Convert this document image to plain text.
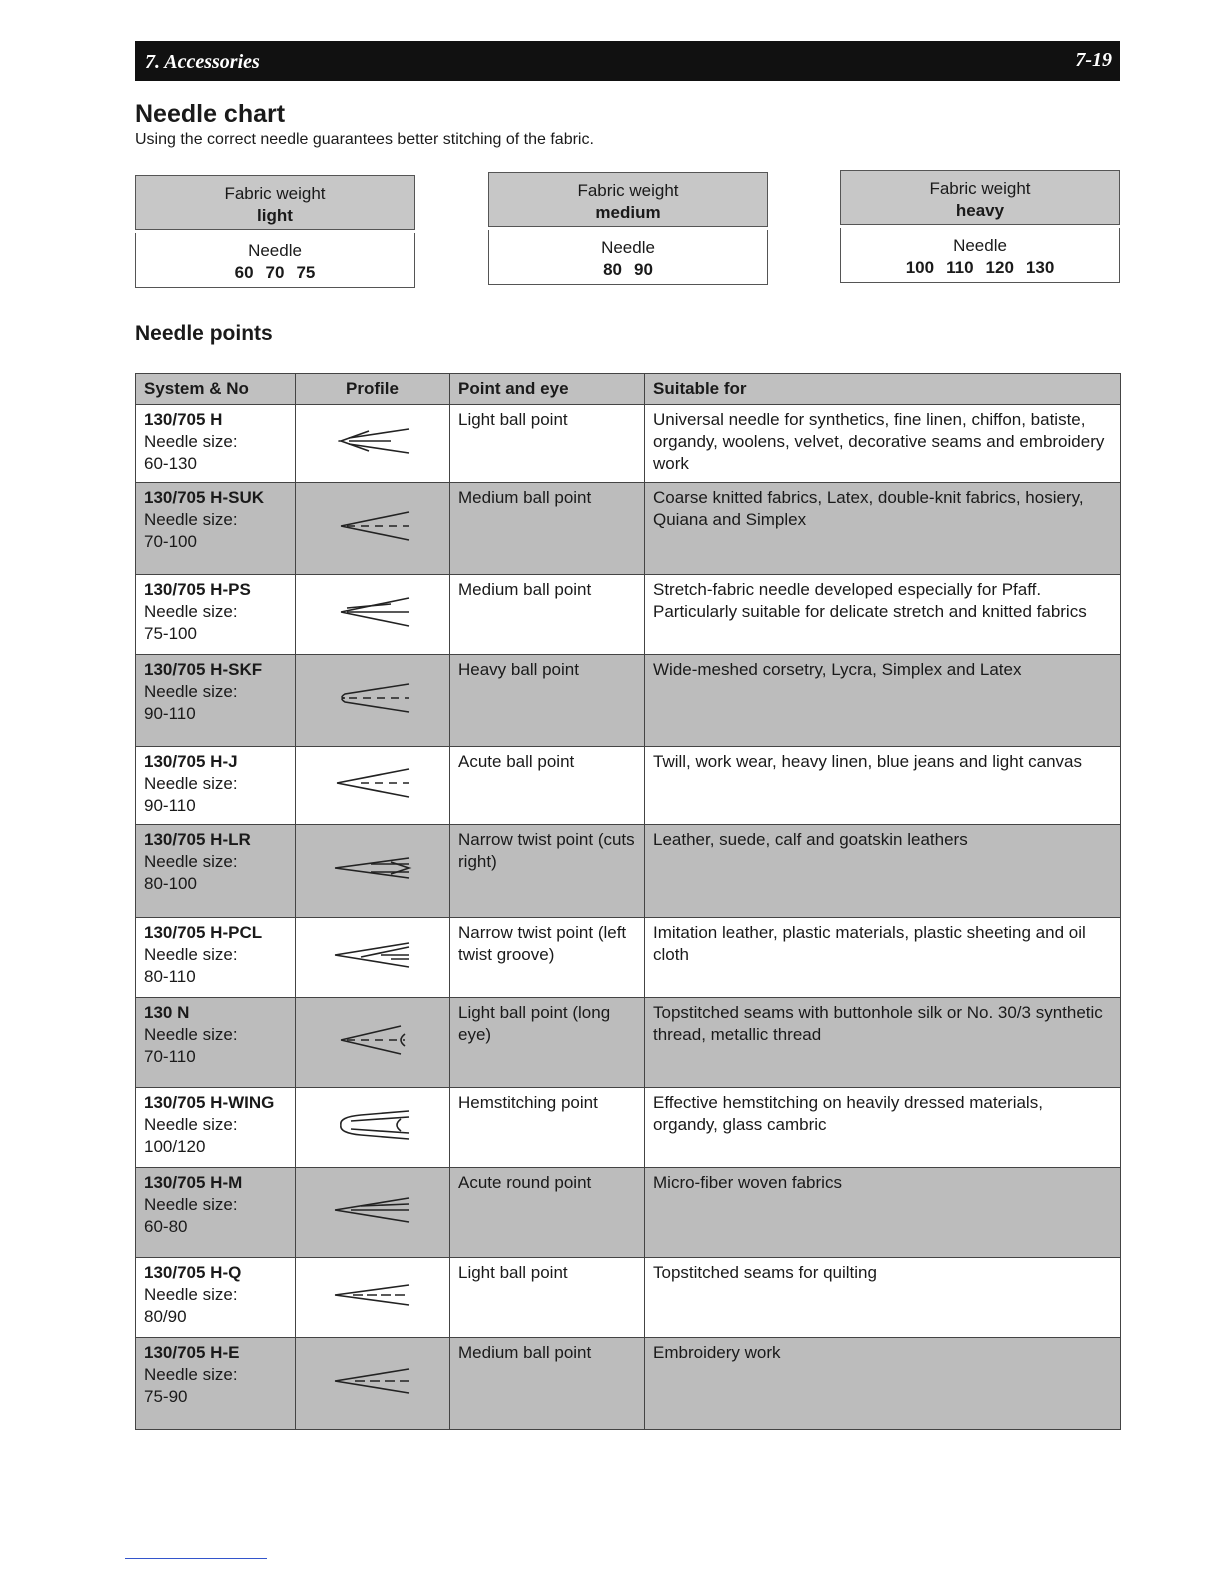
7. Accessories	7-19
Needle chart
Using the correct needle guarantees better stitching of the fabric.
Fabric weight
light
Needle
60 70 75
Fabric weight
medium
Needle
80 90
Fabric weight
heavy
Needle
100 110 120 130
Needle points
System & No	Profile	Point and eye	Suitable for
130/705 H
Needle size:
60-130		Light ball point	Universal needle for synthetics, fine linen, chiffon, batiste, organdy, woolens, velvet, decorative seams and embroidery work
130/705 H-SUK
Needle size:
70-100		Medium ball point	Coarse knitted fabrics, Latex, double-knit fabrics, hosiery, Quiana and Simplex
130/705 H-PS
Needle size:
75-100		Medium ball point	Stretch-fabric needle developed especially for Pfaff. Particularly suitable for delicate stretch and knitted fabrics
130/705 H-SKF
Needle size:
90-110		Heavy ball point	Wide-meshed corsetry, Lycra, Simplex and Latex
130/705 H-J
Needle size:
90-110		Acute ball point	Twill, work wear, heavy linen, blue jeans and light canvas
130/705 H-LR
Needle size:
80-100		Narrow twist point (cuts right)	Leather, suede, calf and goatskin leathers
130/705 H-PCL
Needle size:
80-110		Narrow twist point (left twist groove)	Imitation leather, plastic materials, plastic sheeting and oil cloth
130 N
Needle size:
70-110		Light ball point (long eye)	Topstitched seams with buttonhole silk or No. 30/3 synthetic thread, metallic thread
130/705 H-WING
Needle size:
100/120		Hemstitching point	Effective hemstitching on heavily dressed materials, organdy, glass cambric
130/705 H-M
Needle size:
60-80		Acute round point	Micro-fiber woven fabrics
130/705 H-Q
Needle size:
80/90		Light ball point	Topstitched seams for quilting
130/705 H-E
Needle size:
75-90		Medium ball point	Embroidery work
